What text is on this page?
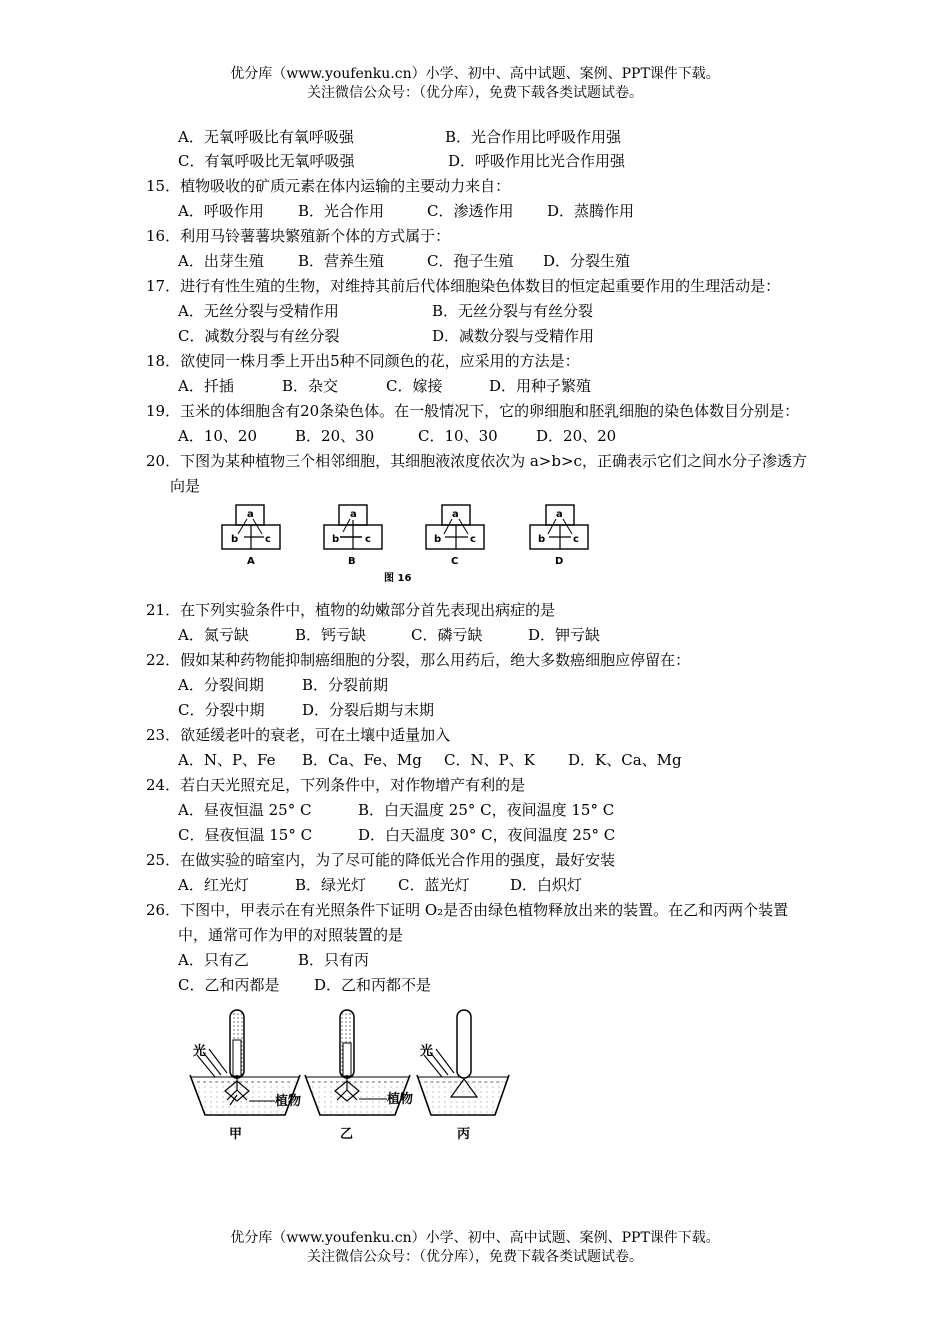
优分库（www.youfenku.cn）小学、初中、高中试题、案例、PPT课件下载。
关注微信公众号：（优分库），免费下载各类试题试卷。
A．无氧呼吸比有氧呼吸强	B．光合作用比呼吸作用强
C．有氧呼吸比无氧呼吸强	D．呼吸作用比光合作用强
15．植物吸收的矿质元素在体内运输的主要动力来自：
A．呼吸作用 B．光合作用	C．渗透作用 D．蒸腾作用
16．利用马铃薯薯块繁殖新个体的方式属于：
A．出芽生殖 B．营养生殖	C．孢子生殖 D．分裂生殖
17．进行有性生殖的生物，对维持其前后代体细胞染色体数目的恒定起重要作用的生理活动是：
A．无丝分裂与受精作用	B．无丝分裂与有丝分裂
C．减数分裂与有丝分裂	D．减数分裂与受精作用
18．欲使同一株月季上开出5种不同颜色的花，应采用的方法是：
A．扦插	B．杂交	C．嫁接	D．用种子繁殖
19．玉米的体细胞含有20条染色体。在一般情况下，它的卵细胞和胚乳细胞的染色体数目分别是：
A．10、20	B．20、30	C．10、30	D．20、20
20．下图为某种植物三个相邻细胞，其细胞液浓度依次为 a>b>c，正确表示它们之间水分子渗透方
向是
a
b	c
A
a
b	c
B
a
b	c
C
a
b	c
D
图 16
21．在下列实验条件中，植物的幼嫩部分首先表现出病症的是
A．氮亏缺	B．钙亏缺	C．磷亏缺	D．钾亏缺
22．假如某种药物能抑制癌细胞的分裂，那么用药后，绝大多数癌细胞应停留在：
A．分裂间期	B．分裂前期
C．分裂中期	D．分裂后期与末期
23．欲延缓老叶的衰老，可在土壤中适量加入
A．N、P、Fe B．Ca、Fe、Mg C．N、P、K D．K、Ca、Mg
24．若白天光照充足，下列条件中，对作物增产有利的是
A．昼夜恒温 25° C	B．白天温度 25° C，夜间温度 15° C
C．昼夜恒温 15° C	D．白天温度 30° C，夜间温度 25° C
25．在做实验的暗室内，为了尽可能的降低光合作用的强度，最好安装
A．红光灯	B．绿光灯 C．蓝光灯	D．白炽灯
26．下图中，甲表示在有光照条件下证明 O₂是否由绿色植物释放出来的装置。在乙和丙两个装置
中，通常可作为甲的对照装置的是
A．只有乙	B．只有丙
C．乙和丙都是 D．乙和丙都不是
光
植物
甲
植物
乙
光
丙
优分库（www.youfenku.cn）小学、初中、高中试题、案例、PPT课件下载。
关注微信公众号：（优分库），免费下载各类试题试卷。
